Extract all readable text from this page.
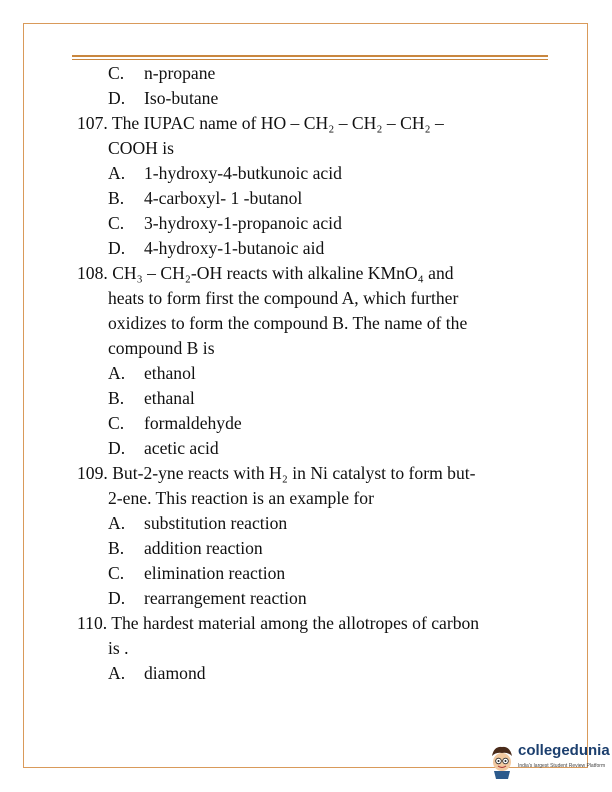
C. n-propane
D. Iso-butane
107. The IUPAC name of HO – CH₂ – CH₂ – CH₂ –
COOH is
A. 1-hydroxy-4-butkunoic acid
B. 4-carboxyl- 1 -butanol
C. 3-hydroxy-1-propanoic acid
D. 4-hydroxy-1-butanoic aid
108. CH₃ – CH₂-OH reacts with alkaline KMnO₄ and
heats to form first the compound A, which further
oxidizes to form the compound B. The name of the
compound B is
A. ethanol
B. ethanal
C. formaldehyde
D. acetic acid
109. But-2-yne reacts with H₂ in Ni catalyst to form but-
2-ene. This reaction is an example for
A. substitution reaction
B. addition reaction
C. elimination reaction
D. rearrangement reaction
110. The hardest material among the allotropes of carbon
is .
A. diamond
collegedunia
India's largest Student Review Platform
